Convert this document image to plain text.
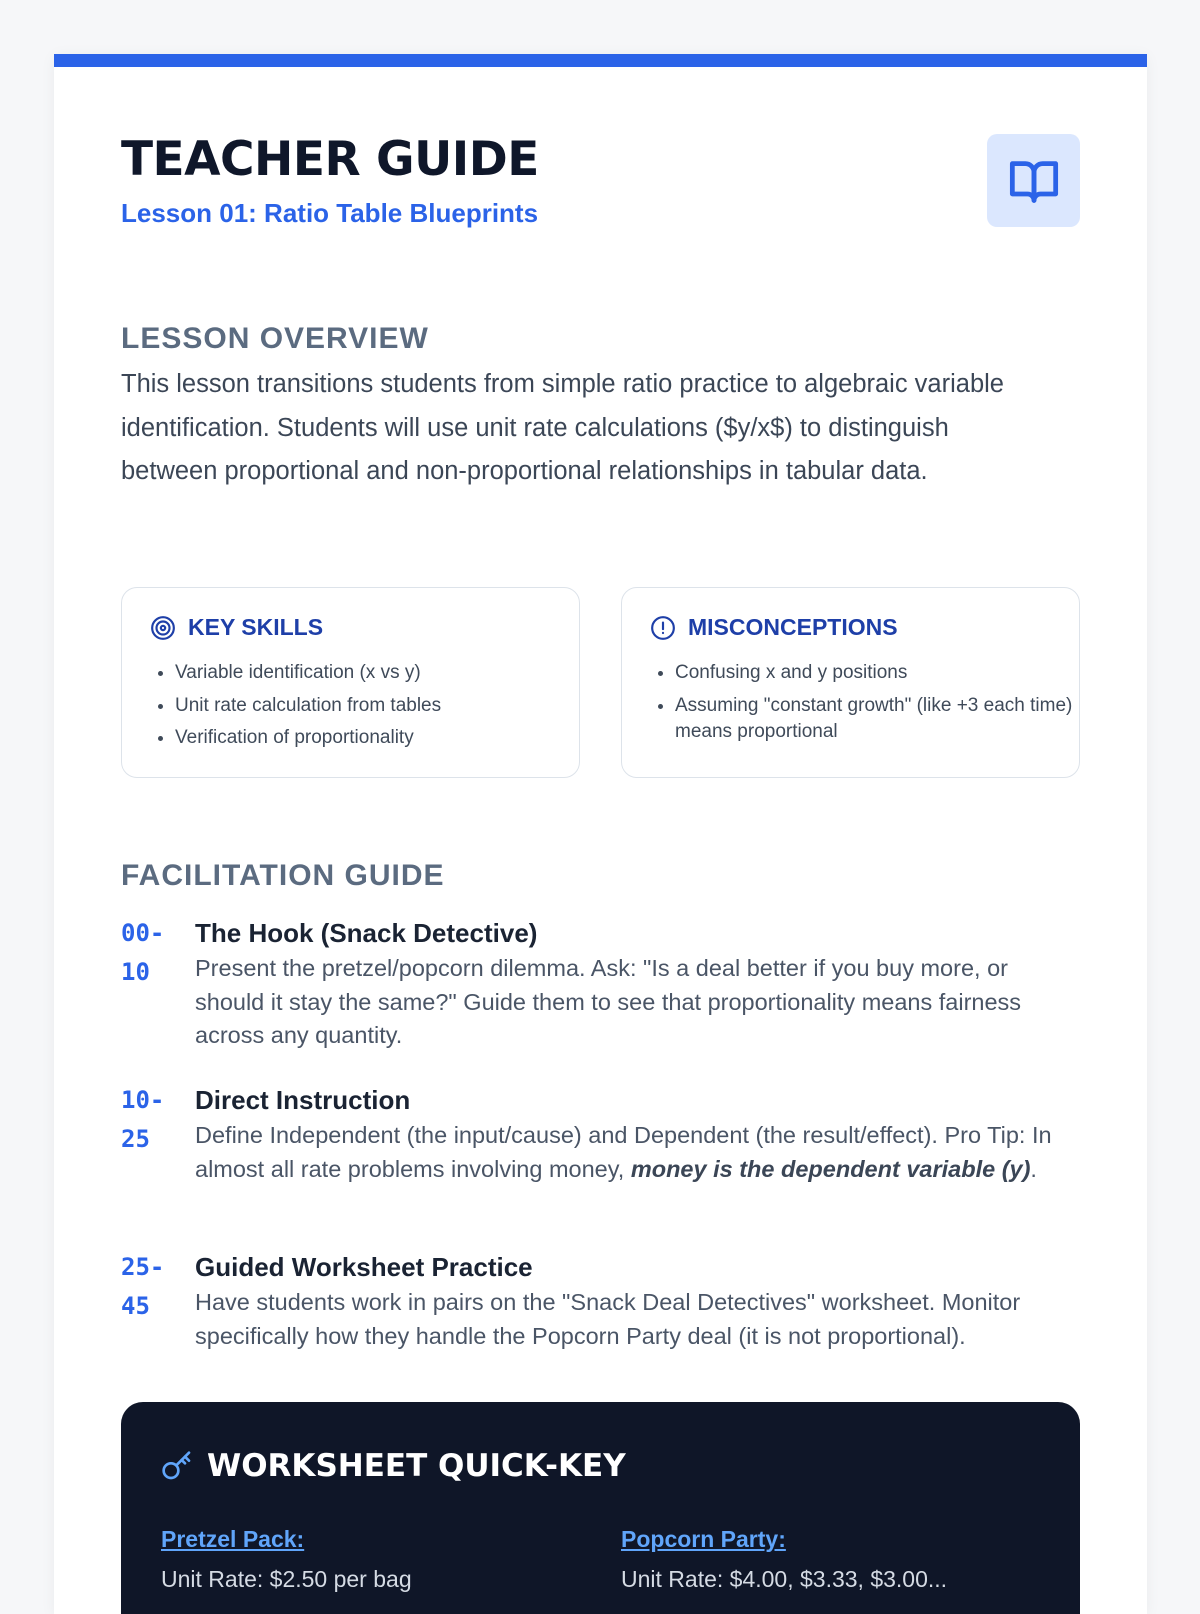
TEACHER GUIDE
Lesson 01: Ratio Table Blueprints
LESSON OVERVIEW

This lesson transitions students from simple ratio practice to algebraic variable identification. Students will use unit rate calculations ($y/x$) to distinguish between proportional and non-proportional relationships in tabular data.

KEY SKILLS
• Variable identification (x vs y)
• Unit rate calculation from tables
• Verification of proportionality
MISCONCEPTIONS
• Confusing x and y positions
• Assuming "constant growth" (like +3 each time) means proportional
FACILITATION GUIDE
00-
10
The Hook (Snack Detective)

Present the pretzel/popcorn dilemma. Ask: "Is a deal better if you buy more, or should it stay the same?" Guide them to see that proportionality means fairness across any quantity.

10-
25
Direct Instruction

Define Independent (the input/cause) and Dependent (the result/effect). Pro Tip: In almost all rate problems involving money, money is the dependent variable (y).

25-
45
Guided Worksheet Practice

Have students work in pairs on the "Snack Deal Detectives" worksheet. Monitor specifically how they handle the Popcorn Party deal (it is not proportional).

WORKSHEET QUICK-KEY
Pretzel Pack:
Unit Rate: $2.50 per bag
Popcorn Party:
Unit Rate: $4.00, $3.33, $3.00...
